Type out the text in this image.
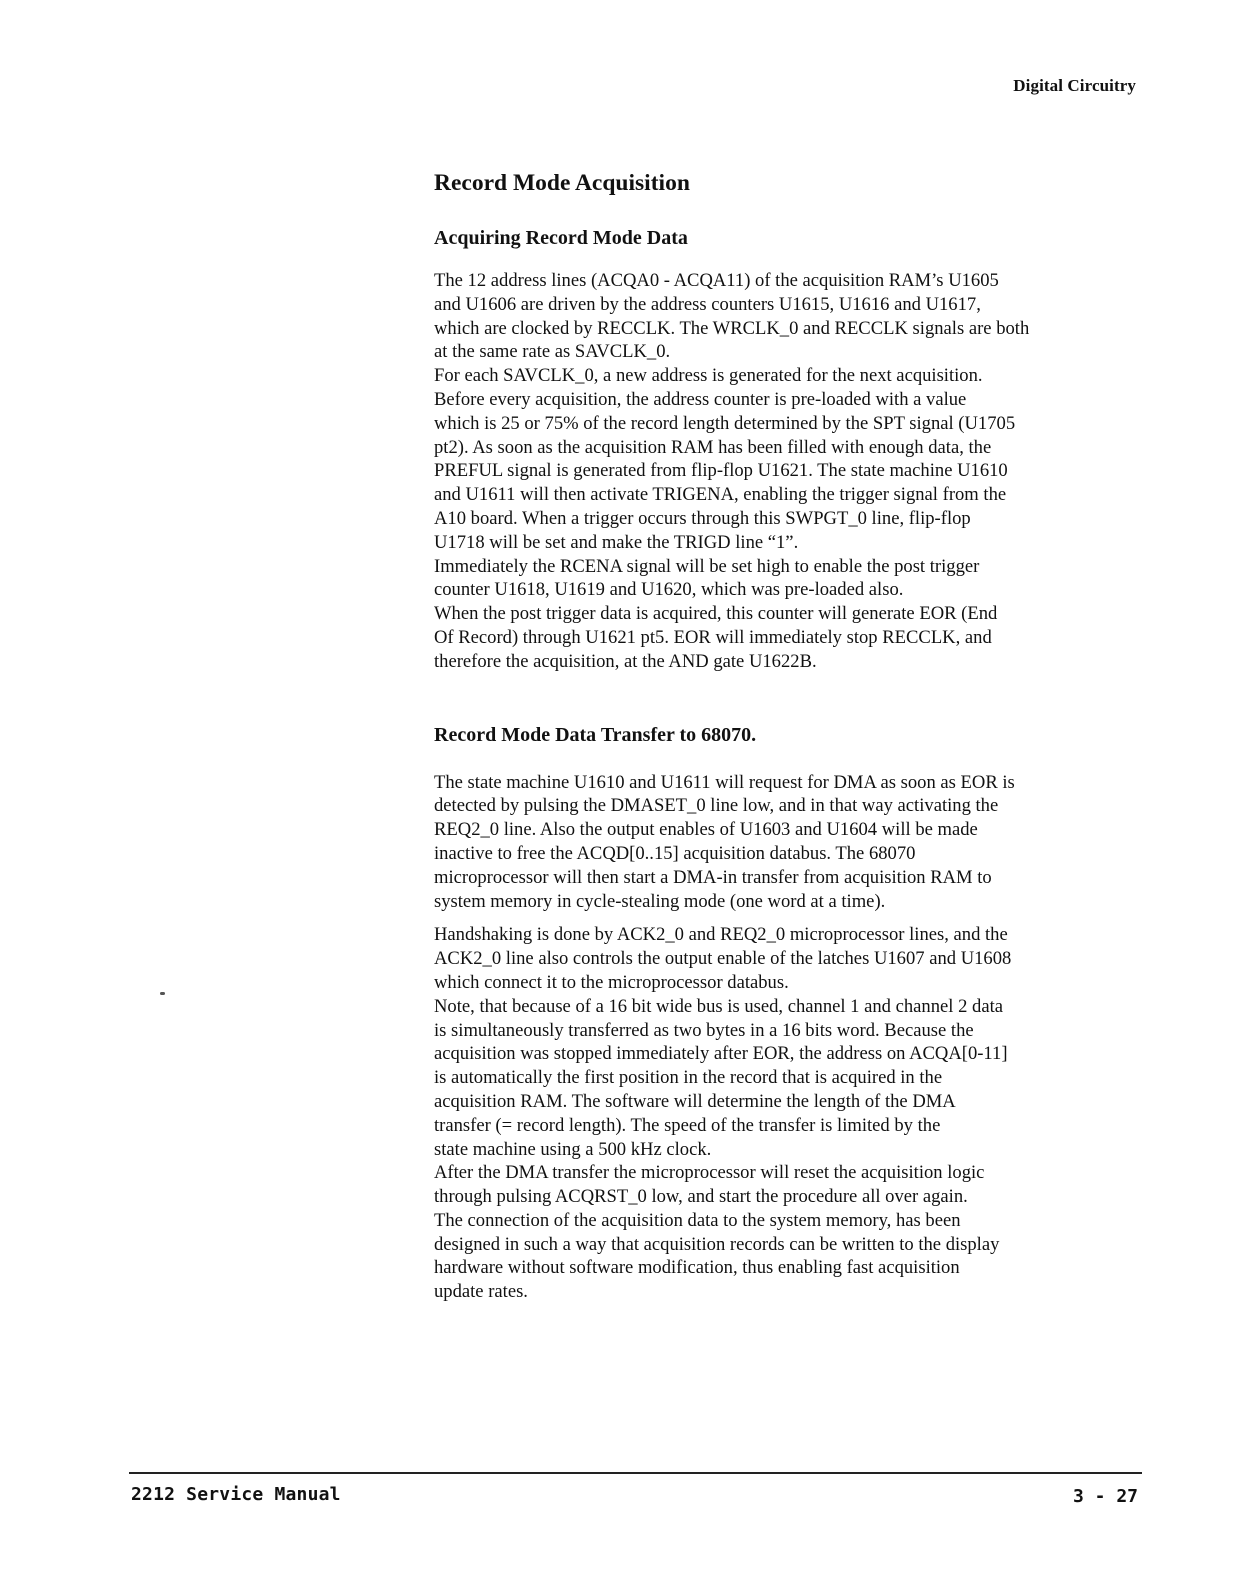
Digital Circuitry
Record Mode Acquisition
Acquiring Record Mode Data
The 12 address lines (ACQA0 - ACQA11) of the acquisition RAM’s U1605
and U1606 are driven by the address counters U1615, U1616 and U1617,
which are clocked by RECCLK. The WRCLK_0 and RECCLK signals are both
at the same rate as SAVCLK_0.
For each SAVCLK_0, a new address is generated for the next acquisition.
Before every acquisition, the address counter is pre-loaded with a value
which is 25 or 75% of the record length determined by the SPT signal (U1705
pt2). As soon as the acquisition RAM has been filled with enough data, the
PREFUL signal is generated from flip-flop U1621. The state machine U1610
and U1611 will then activate TRIGENA, enabling the trigger signal from the
A10 board. When a trigger occurs through this SWPGT_0 line, flip-flop
U1718 will be set and make the TRIGD line “1”.
Immediately the RCENA signal will be set high to enable the post trigger
counter U1618, U1619 and U1620, which was pre-loaded also.
When the post trigger data is acquired, this counter will generate EOR (End
Of Record) through U1621 pt5. EOR will immediately stop RECCLK, and
therefore the acquisition, at the AND gate U1622B.
Record Mode Data Transfer to 68070.
The state machine U1610 and U1611 will request for DMA as soon as EOR is
detected by pulsing the DMASET_0 line low, and in that way activating the
REQ2_0 line. Also the output enables of U1603 and U1604 will be made
inactive to free the ACQD[0..15] acquisition databus. The 68070
microprocessor will then start a DMA-in transfer from acquisition RAM to
system memory in cycle-stealing mode (one word at a time).
Handshaking is done by ACK2_0 and REQ2_0 microprocessor lines, and the
ACK2_0 line also controls the output enable of the latches U1607 and U1608
which connect it to the microprocessor databus.
Note, that because of a 16 bit wide bus is used, channel 1 and channel 2 data
is simultaneously transferred as two bytes in a 16 bits word. Because the
acquisition was stopped immediately after EOR, the address on ACQA[0-11]
is automatically the first position in the record that is acquired in the
acquisition RAM. The software will determine the length of the DMA
transfer (= record length). The speed of the transfer is limited by the
state machine using a 500 kHz clock.
After the DMA transfer the microprocessor will reset the acquisition logic
through pulsing ACQRST_0 low, and start the procedure all over again.
The connection of the acquisition data to the system memory, has been
designed in such a way that acquisition records can be written to the display
hardware without software modification, thus enabling fast acquisition
update rates.
2212 Service Manual	3 - 27
